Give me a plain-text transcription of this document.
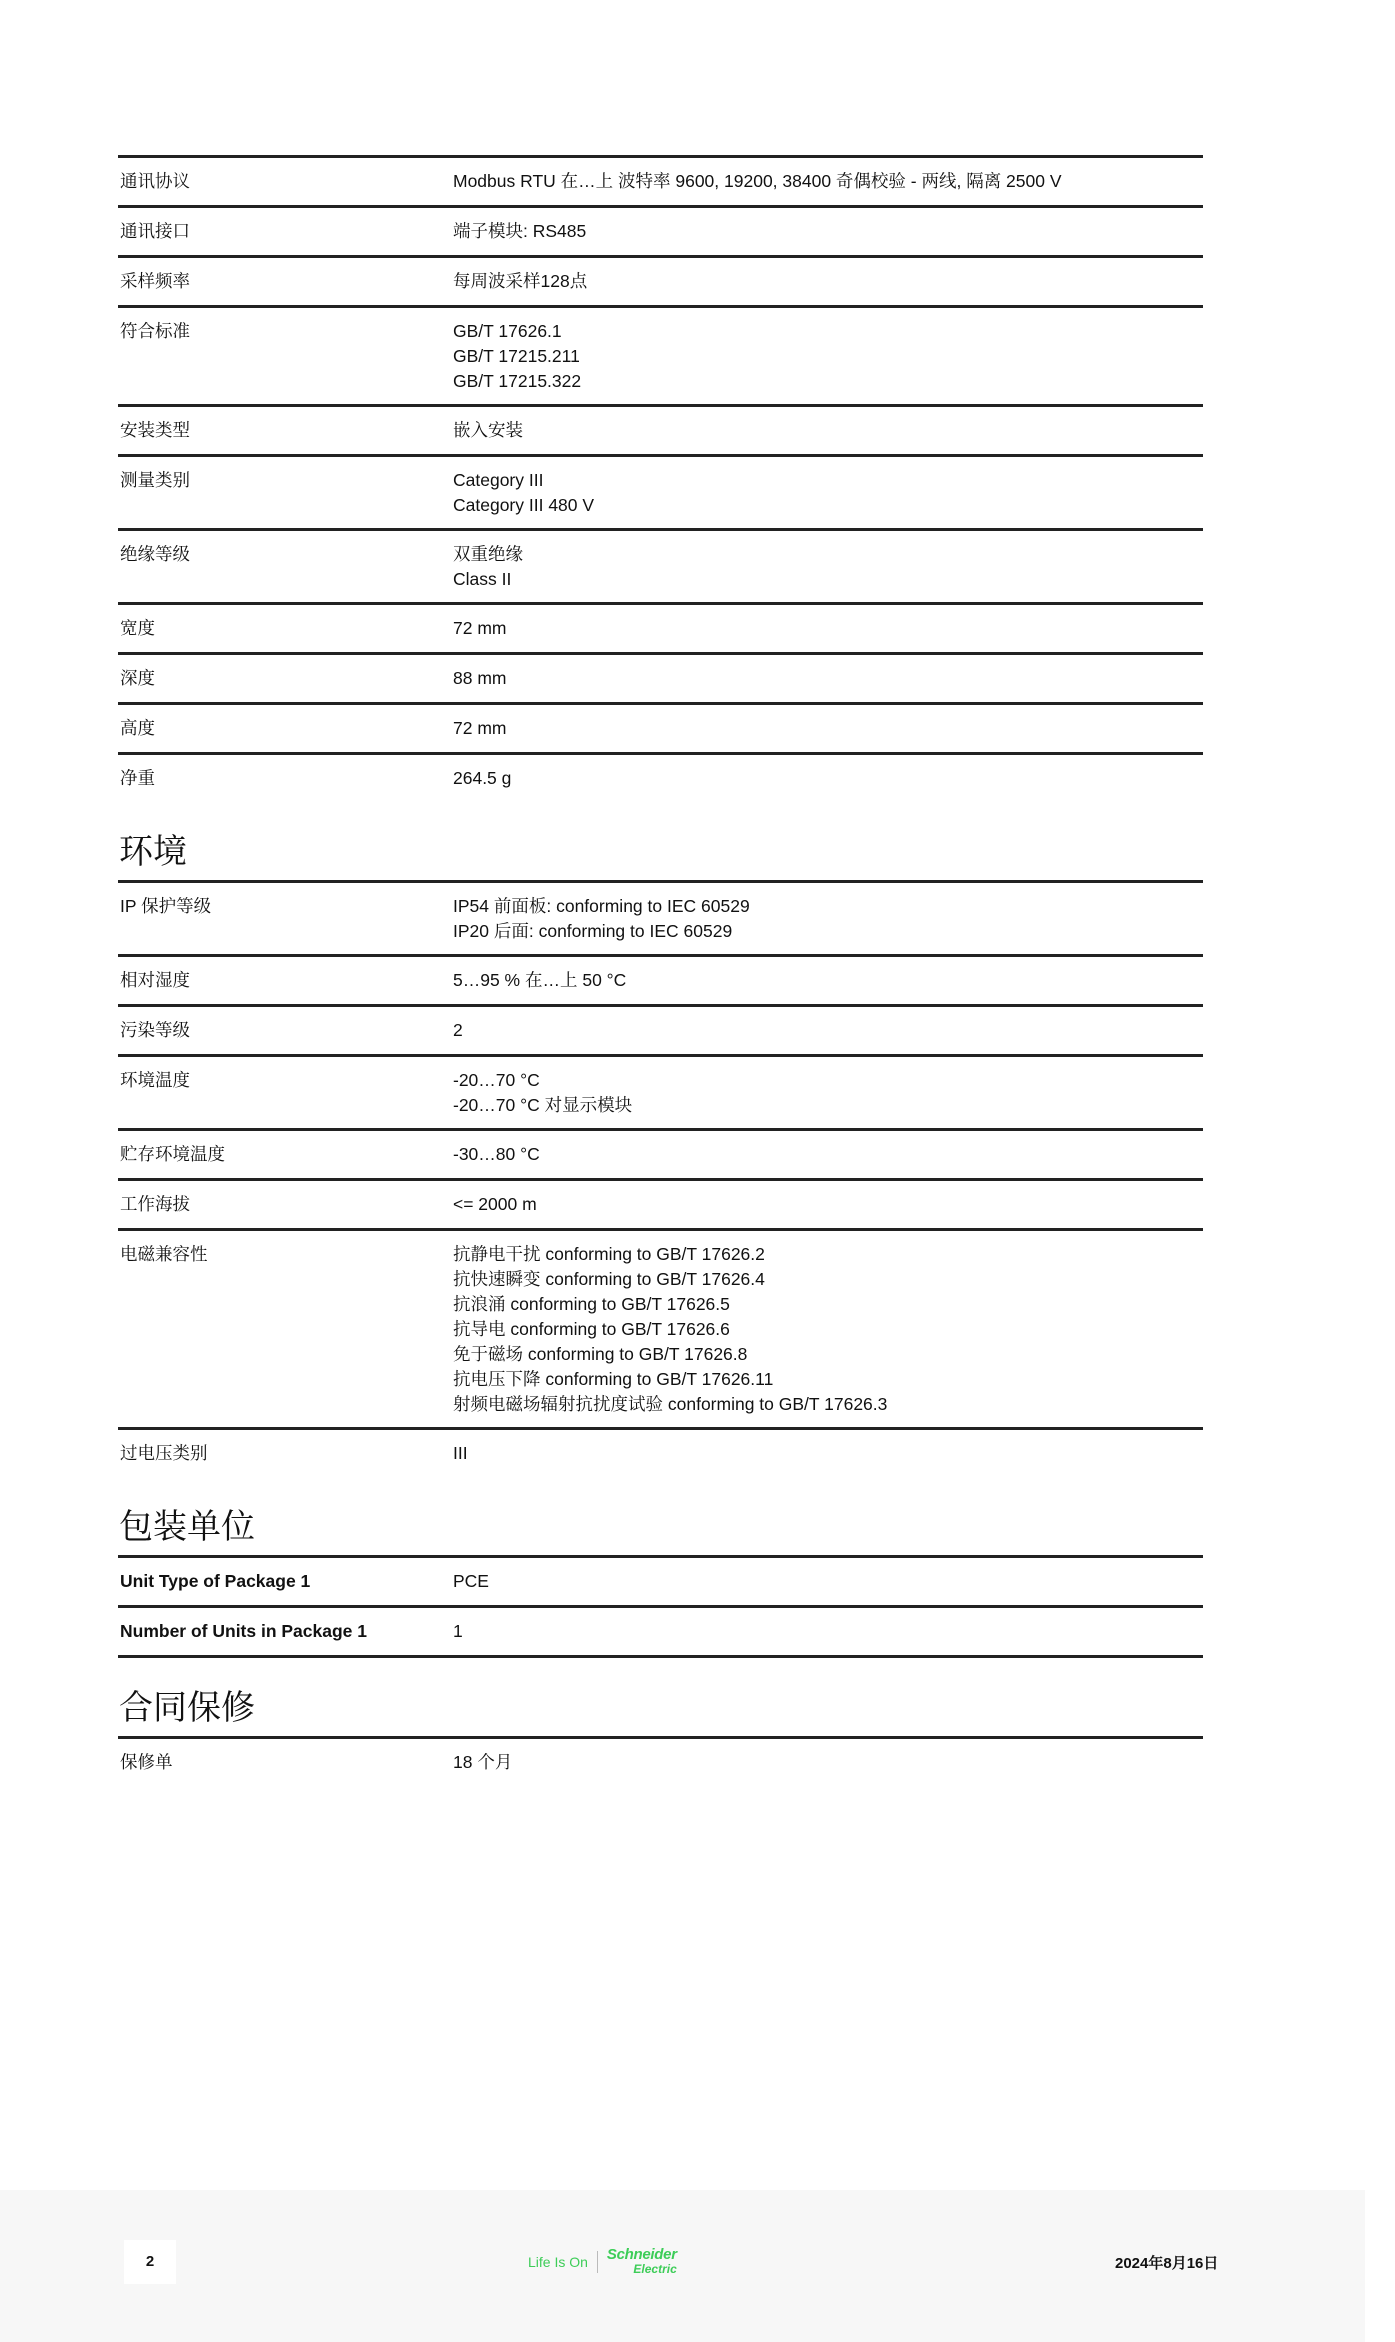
通讯协议	Modbus RTU 在…上 波特率 9600, 19200, 38400 奇偶校验 - 两线, 隔离 2500 V
通讯接口	端子模块: RS485
采样频率	每周波采样128点
符合标准	GB/T 17626.1
GB/T 17215.211
GB/T 17215.322
安装类型	嵌入安装
测量类别	Category III
Category III 480 V
绝缘等级	双重绝缘
Class II
宽度	72 mm
深度	88 mm
高度	72 mm
净重	264.5 g
环境
IP 保护等级	IP54 前面板: conforming to IEC 60529
IP20 后面: conforming to IEC 60529
相对湿度	5…95 % 在…上 50 °C
污染等级	2
环境温度	-20…70 °C
-20…70 °C 对显示模块
贮存环境温度	-30…80 °C
工作海拔	<= 2000 m
电磁兼容性	抗静电干扰 conforming to GB/T 17626.2
抗快速瞬变 conforming to GB/T 17626.4
抗浪涌 conforming to GB/T 17626.5
抗导电 conforming to GB/T 17626.6
免于磁场 conforming to GB/T 17626.8
抗电压下降 conforming to GB/T 17626.11
射频电磁场辐射抗扰度试验 conforming to GB/T 17626.3
过电压类别	III
包装单位
Unit Type of Package 1	PCE
Number of Units in Package 1	1
合同保修
保修单	18 个月
2	Life Is On	Schneider
Electric	2024年8月16日
